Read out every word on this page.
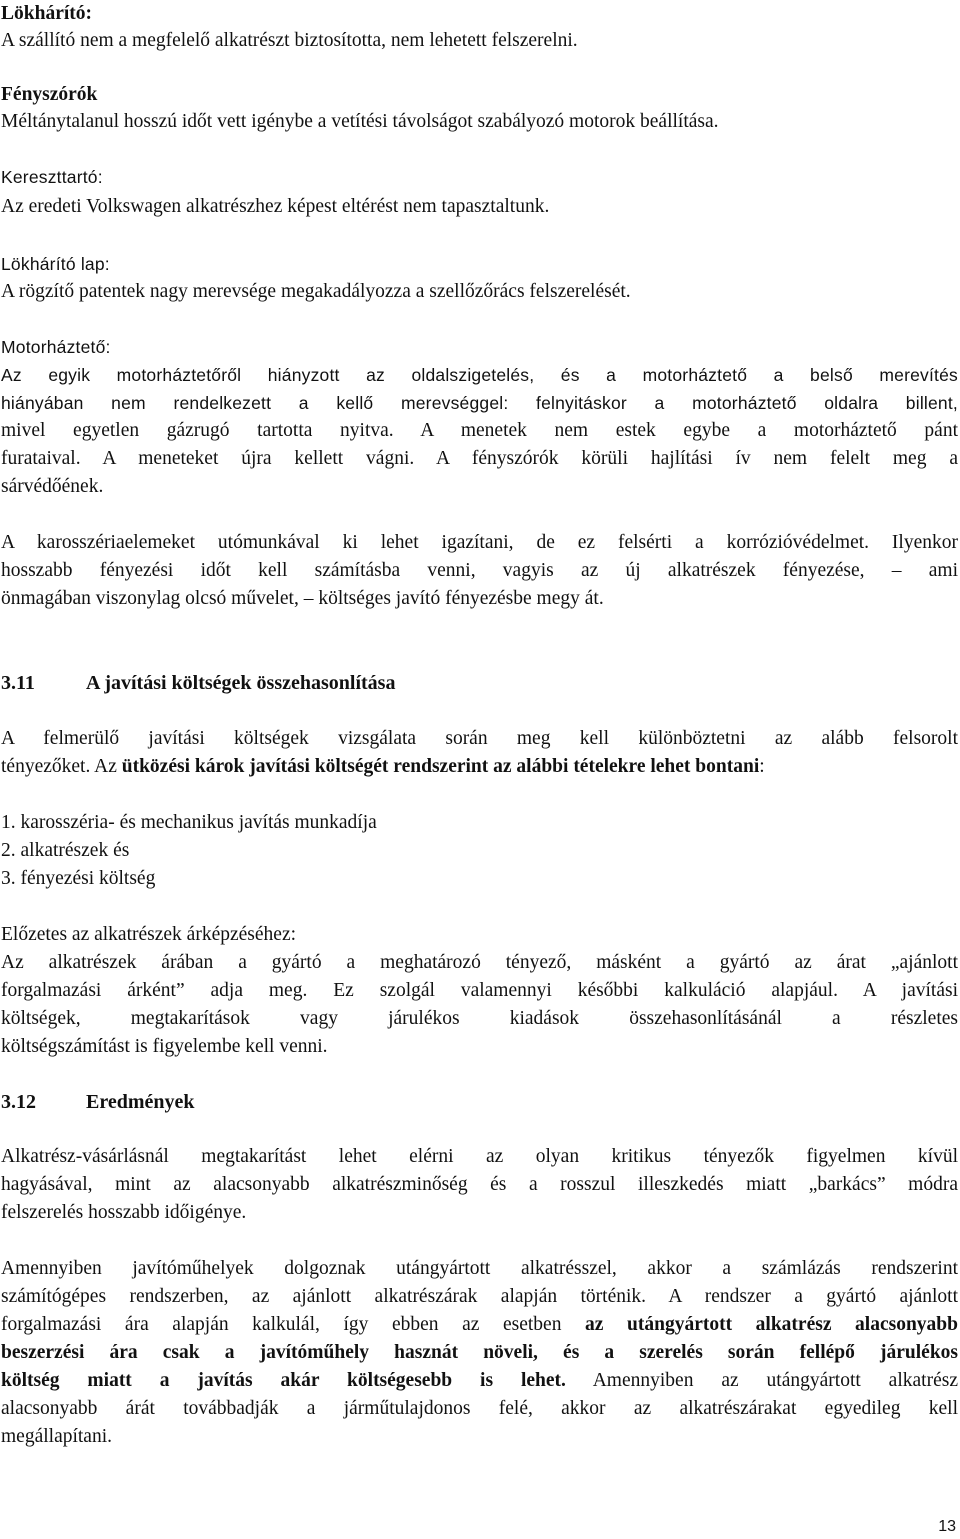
Lökhárító:
A szállító nem a megfelelő alkatrészt biztosította, nem lehetett felszerelni.
Fényszórók
Méltánytalanul hosszú időt vett igénybe a vetítési távolságot szabályozó motorok beállítása.
Kereszttartó:
Az eredeti Volkswagen alkatrészhez képest eltérést nem tapasztaltunk.
Lökhárító lap:
A rögzítő patentek nagy merevsége megakadályozza a szellőzőrács felszerelését.
Motorháztető:
Az egyik motorháztetőről hiányzott az oldalszigetelés, és a motorháztető a belső merevítés
hiányában nem rendelkezett a kellő merevséggel: felnyitáskor a motorháztető oldalra billent,
mivel egyetlen gázrugó tartotta nyitva. A menetek nem estek egybe a motorháztető pánt
furataival. A meneteket újra kellett vágni. A fényszórók körüli hajlítási ív nem felelt meg a
sárvédőének.
A karosszériaelemeket utómunkával ki lehet igazítani, de ez felsérti a korrózióvédelmet. Ilyenkor
hosszabb fényezési időt kell számításba venni, vagyis az új alkatrészek fényezése, – ami
önmagában viszonylag olcsó művelet, – költséges javító fényezésbe megy át.
3.11	A javítási költségek összehasonlítása
A felmerülő javítási költségek vizsgálata során meg kell különböztetni az alább felsorolt
tényezőket. Az ütközési károk javítási költségét rendszerint az alábbi tételekre lehet bontani:
1. karosszéria- és mechanikus javítás munkadíja
2. alkatrészek és
3. fényezési költség
Előzetes az alkatrészek árképzéséhez:
Az alkatrészek árában a gyártó a meghatározó tényező, másként a gyártó az árat „ajánlott
forgalmazási árként” adja meg. Ez szolgál valamennyi későbbi kalkuláció alapjául. A javítási
költségek, megtakarítások vagy járulékos kiadások összehasonlításánál a részletes
költségszámítást is figyelembe kell venni.
3.12	Eredmények
Alkatrész-vásárlásnál megtakarítást lehet elérni az olyan kritikus tényezők figyelmen kívül
hagyásával, mint az alacsonyabb alkatrészminőség és a rosszul illeszkedés miatt „barkács” módra
felszerelés hosszabb időigénye.
Amennyiben javítóműhelyek dolgoznak utángyártott alkatrésszel, akkor a számlázás rendszerint
számítógépes rendszerben, az ajánlott alkatrészárak alapján történik. A rendszer a gyártó ajánlott
forgalmazási ára alapján kalkulál, így ebben az esetben az utángyártott alkatrész alacsonyabb
beszerzési ára csak a javítóműhely hasznát növeli, és a szerelés során fellépő járulékos
költség miatt a javítás akár költségesebb is lehet. Amennyiben az utángyártott alkatrész
alacsonyabb árát továbbadják a járműtulajdonos felé, akkor az alkatrészárakat egyedileg kell
megállapítani.
13
